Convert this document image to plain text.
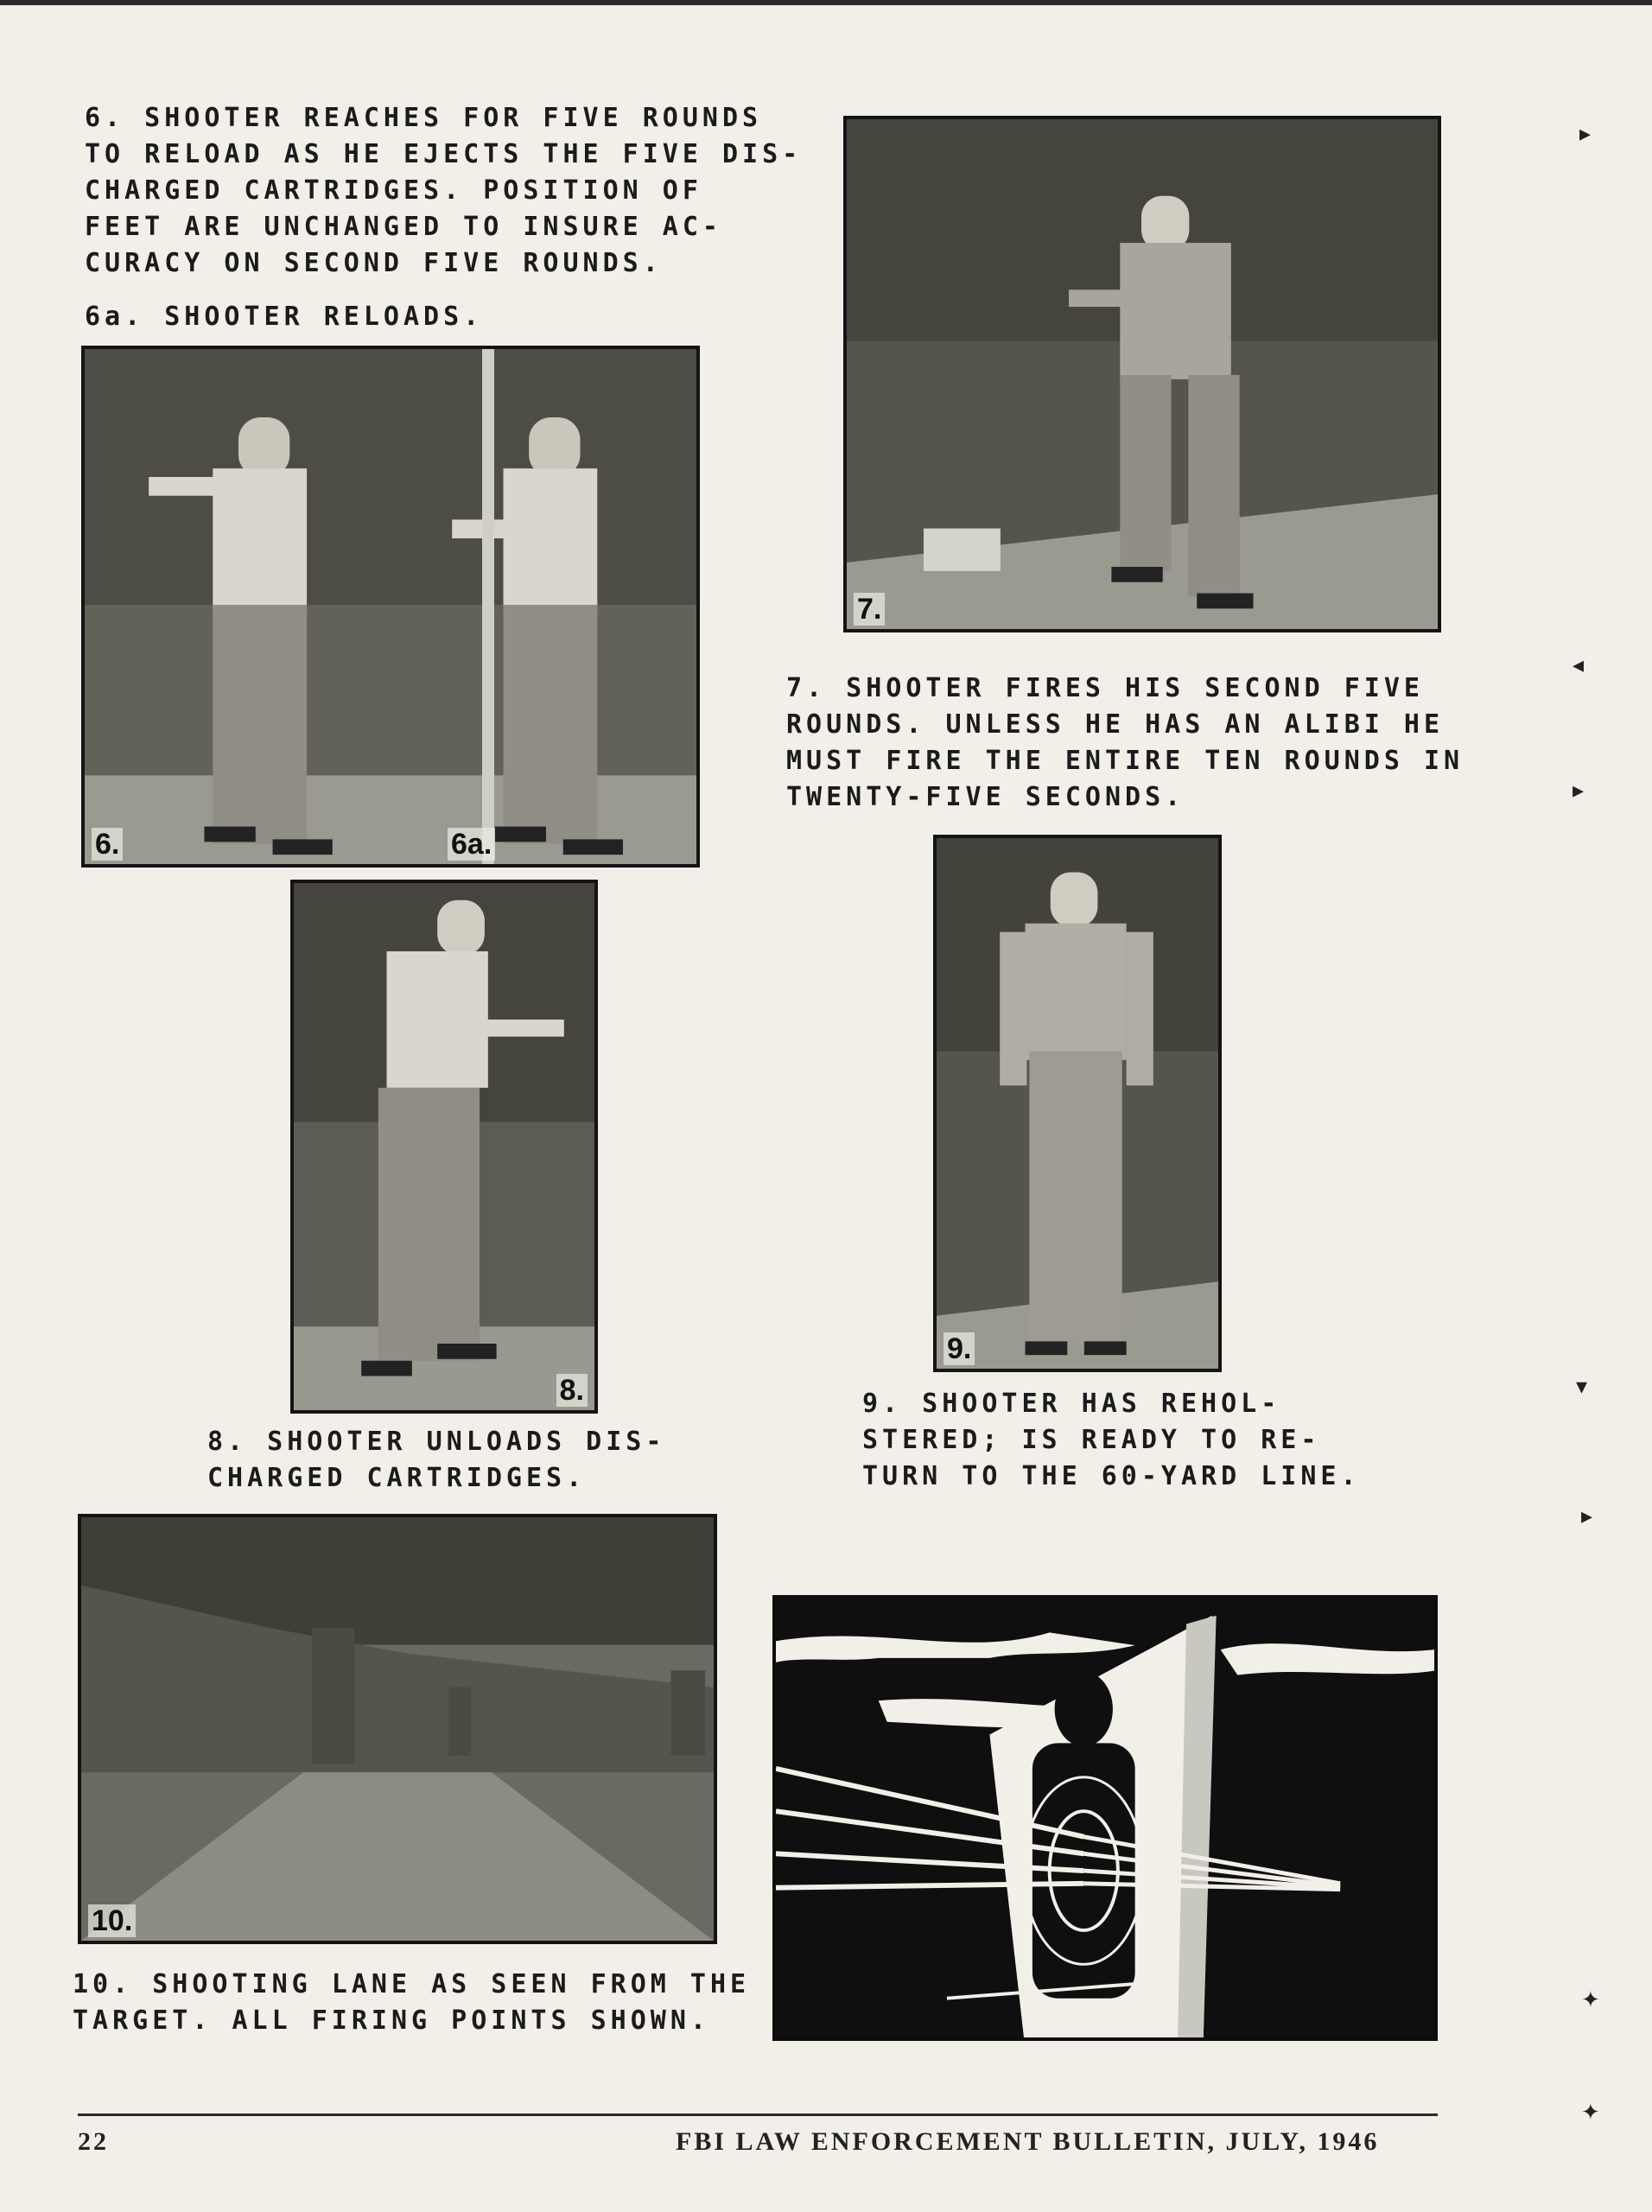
6. SHOOTER REACHES FOR FIVE ROUNDS
TO RELOAD AS HE EJECTS THE FIVE DIS-
CHARGED CARTRIDGES. POSITION OF
FEET ARE UNCHANGED TO INSURE AC-
CURACY ON SECOND FIVE ROUNDS.

6a. SHOOTER RELOADS.

6.	6a.
7.

7. SHOOTER FIRES HIS SECOND FIVE
ROUNDS. UNLESS HE HAS AN ALIBI HE
MUST FIRE THE ENTIRE TEN ROUNDS IN
TWENTY-FIVE SECONDS.

8.

8. SHOOTER UNLOADS DIS-
CHARGED CARTRIDGES.

9.

9. SHOOTER HAS REHOL-
STERED; IS READY TO RE-
TURN TO THE 60-YARD LINE.

10.

10. SHOOTING LANE AS SEEN FROM THE
TARGET. ALL FIRING POINTS SHOWN.

22	FBI LAW ENFORCEMENT BULLETIN, JULY, 1946
▸
◂
▸
▾
▸
✦
✦
